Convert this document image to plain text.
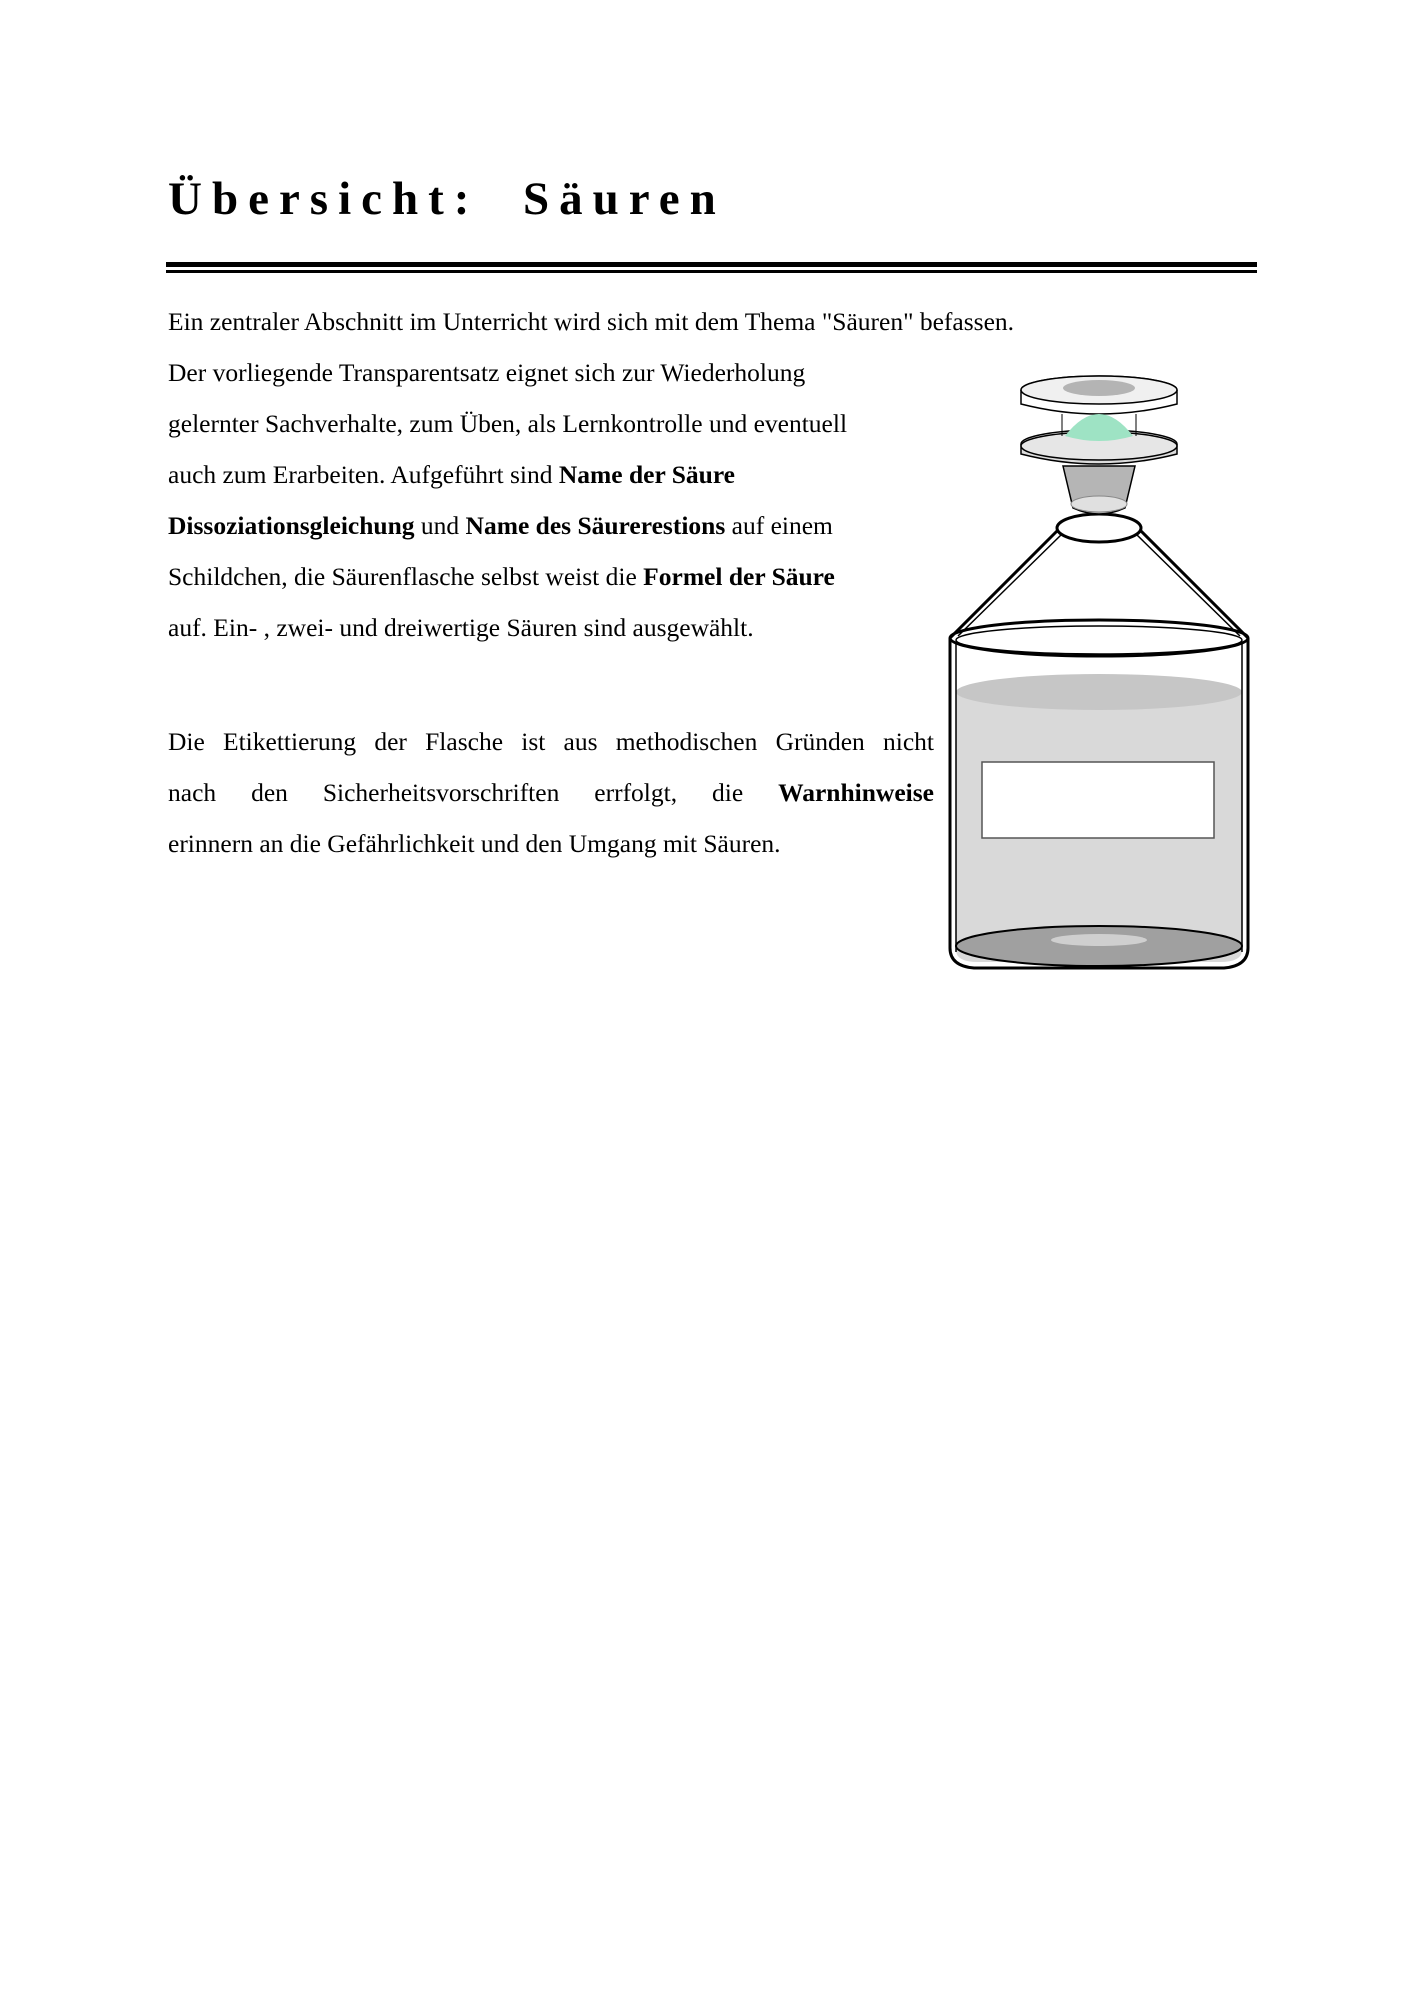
Übersicht:  Säuren
Ein zentraler Abschnitt im Unterricht wird sich mit dem Thema "Säuren" befassen.
Der vorliegende Transparentsatz eignet sich zur Wiederholung
gelernter Sachverhalte, zum Üben, als Lernkontrolle und eventuell
auch zum Erarbeiten. Aufgeführt sind Name der Säure
Dissoziationsgleichung und Name des Säurerestions auf einem
Schildchen, die Säurenflasche selbst weist die Formel der Säure
auf. Ein- , zwei- und dreiwertige Säuren sind ausgewählt.
Die Etikettierung der Flasche ist aus methodischen Gründen nicht
nach den Sicherheitsvorschriften errfolgt, die Warnhinweise
erinnern an die Gefährlichkeit und den Umgang mit Säuren.
